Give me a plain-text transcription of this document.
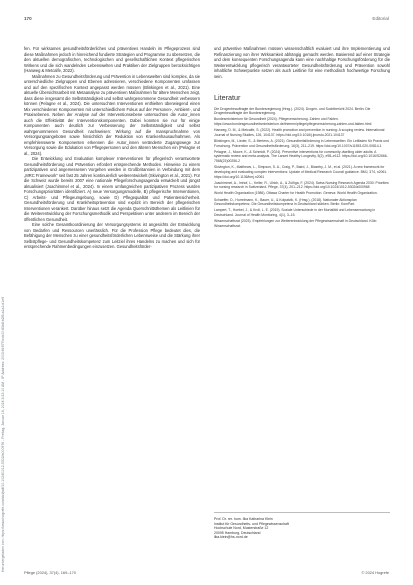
Heruntergeladen von: https://www.hogrefe.com/doi/pdf/10.1024/1012-5302/a000976 - Freitag, Januar 16, 2024 3:22:10 AM - IP Address: 2003:f4:977b:cb00:83b8:b2f3:a1a1:d1e9
170	Editorial

fen. Für wirksames gesundheitsförderliches und präventives Handeln im Pflegeprozess sind diese Maßnahmen jedoch in hinreichend fundierte Strategien und Programme zu übersetzen, die den aktuellen demografischen, technologischen und gesellschaftlichen Kontext pflegerischen Wirkens und die sich wandelnden Lebenswelten und Praktiken der Zielgruppen berücksichtigen (Hanweg & Metcalfe, 2022).

Maßnahmen zu Gesundheitsförderung und Prävention in Lebenswelten sind komplex, da sie unterschiedliche Zielgruppen und Ebenen adressieren, verschiedene Komponenten umfassen und auf den spezifischen Kontext angepasst werden müssen (Blinkingen et al., 2021). Eine aktuelle Übersichtsarbeit mit Metaanalyse zu präventiven Maßnahmen für ältere Menschen zeigt, dass diese insgesamt die Selbstständigkeit und selbst wahrgenommene Gesundheit verbessern können (Pelagne et al., 2024). Die untersuchten Interventionen enthielten überwiegend einen Mix verschiedener Komponenten mit unterschiedlichem Fokus auf der Personen-, Ambient-, und Praxisebenen. Neben der Analyse auf der Interventionsebene untersuchten die Autor_innen auch die Effektivität der Interventionskomponenten. Dabei konnten sie nur für einige Komponenten auch deutlich zur Verbesserung der Selbstständigkeit und selbst wahrgenommenen Gesundheit nachweisen: Wirkung auf die Inanspruchnahme von Versorgungsangeboten sowie hinsichtlich der Reduktion von Krankenhausaufnahmen. Als empfehlenswerte Komponenten erkennen die Autor_innen veränderte Zugangswege zur Versorgung sowie die Edukation von Pflegepersonen und den älteren Menschen ein (Pelagne et al., 2024).

Die Entwicklung und Evaluation komplexer Interventionen für pflegerisch verantwortete Gesundheitsförderung und Prävention erfordert entsprechende Methoden. Hinweise zu einem partizipativen und angemessenen Vorgehen werden in Großbritannien in Verbindung mit dem „MRC Framework“ seit fast 25 Jahren kontinuierlich weiterentwickelt (Skivington et al., 2021). Für die Schweiz wurde bereits 2007 eine nationale Pflegeforschungsagenda entwickelt und jüngst aktualisiert (Joachimmel et al., 2024). In einem umfangreichen partizipativen Prozess wurden Forschungsprioritäten identifiziert. A) neue Versorgungsmodelle, B) pflegerische Interventionen, C) Arbeits- und Pflegeumgebung, sowie D) Pflegequalität und Patientensicherheit. Gesundheitsförderung und Krankheitsprävention sind explizit im Bereich der pflegerischen Interventionen verankert. Darüber hinaus setzt die Agenda Querschnittsthemen als Leitlinien für die Weiterentwicklung der Forschungsmethodik und Perspektiven unter anderem im Bereich der öffentlichen Gesundheit.

Eine solche Gesamtkoordinierung der Versorgungsystems ist angesichts der Entwicklung von Bedarfen und Ressourcen unerlässlich. Für die Profession Pflege bedeutet dies, die Befähigung der Menschen zu einer gesundheitsförderlichen Lebensweise und die Stärkung ihrer Selbstpflege- und Gesundheitskompetenz zum Leitziel ihres Handelns zu machen und sich für entsprechende Rahmenbedingungen einzusetzen. Gesundheitsförder-

und präventive Maßnahmen müssen wissenschaftlich evaluiert und ihre Implementierung und Refinanzierung von ihrer Wirksamkeit abhängig gemacht werden. Basierend auf einer Strategie und dem konsequenten Forschungsagenda kann eine nachhaltige Forschungsförderung für die Weiterentwicklung pflegerisch verantworteter Gesundheitsförderung und Prävention sowohl inhaltliche Schwerpunkte setzen als auch Leitlinie für eine methodisch hochwertige Forschung sein.

Literatur
Die Drogenbeauftragte der Bundesregierung (Hrsg.). (2024). Drogen- und Suchtbericht 2024. Berlin: Die Drogenbeauftragte der Bundesregierung.
Bundesministerium für Gesundheit (2024). Pflegeversicherung. Zahlen und Fakten. https://www.bundesgesundheitsministerium.de/themen/pflege/pflegeversicherung-zahlen-und-fakten.html
Hanweg, D. M., & Metcalfe, S. (2022). Health promotion and prevention in nursing: A scoping review. International Journal of Nursing Studies, 126, 104137. https://doi.org/10.1016/j.ijnurstu.2021.104137
Blinkingen, M., Lieder, S., & Mertens, A. (2021). Gesundheitsförderung in Lebenswelten: Ein Leitfaden für Praxis und Forschung. Prävention und Gesundheitsförderung, 16(3), 211–219. https://doi.org/10.1007/s11553-020-00814-1
Pelagne, J., Moore, K., & Schmidt, P. (2024). Preventive interventions for community-dwelling older adults: A systematic review and meta-analysis. The Lancet Healthy Longevity, 5(2), e98–e112. https://doi.org/10.1016/S2666-7568(23)00256-2
Skivington, K., Matthews, L., Simpson, S. A., Craig, P., Baird, J., Blazeby, J. M., et al. (2021). A new framework for developing and evaluating complex interventions: Update of Medical Research Council guidance. BMJ, 374, n2061. https://doi.org/10.1136/bmj.n2061
Joachimmel, A., Imhof, L., Keller, R., Ulrich, A., & Zúñiga, F. (2024). Swiss Nursing Research Agenda 2030: Priorities for nursing research in Switzerland. Pflege, 37(4), 201–212. https://doi.org/10.1024/1012-5302/a000968
World Health Organization (1986). Ottawa Charter for Health Promotion. Geneva: World Health Organization.
Schaeffer, D., Hurrelmann, K., Bauer, U., & Kolpatzik, K. (Hrsg.). (2018). Nationaler Aktionsplan Gesundheitskompetenz. Die Gesundheitskompetenz in Deutschland stärken. Berlin: KomPart.
Lampert, T., Hoebel, J., & Kroll, L. E. (2019). Soziale Unterschiede in der Mortalität und Lebenserwartung in Deutschland. Journal of Health Monitoring, 4(1), 3–15.
Wissenschaftsrat (2023). Empfehlungen zur Weiterentwicklung der Pflegewissenschaft in Deutschland. Köln: Wissenschaftsrat.
Prof. Dr. rer. hum. Ilka Katharina Klein
Institut für Gesundheits- und Pflegewissenschaft
Hochschule Nord, Musterstraße 12
20095 Hamburg, Deutschland
ilka.klein@hs-nord.de
Pflege (2024), 37(4), 169–170	© 2024 Hogrefe
